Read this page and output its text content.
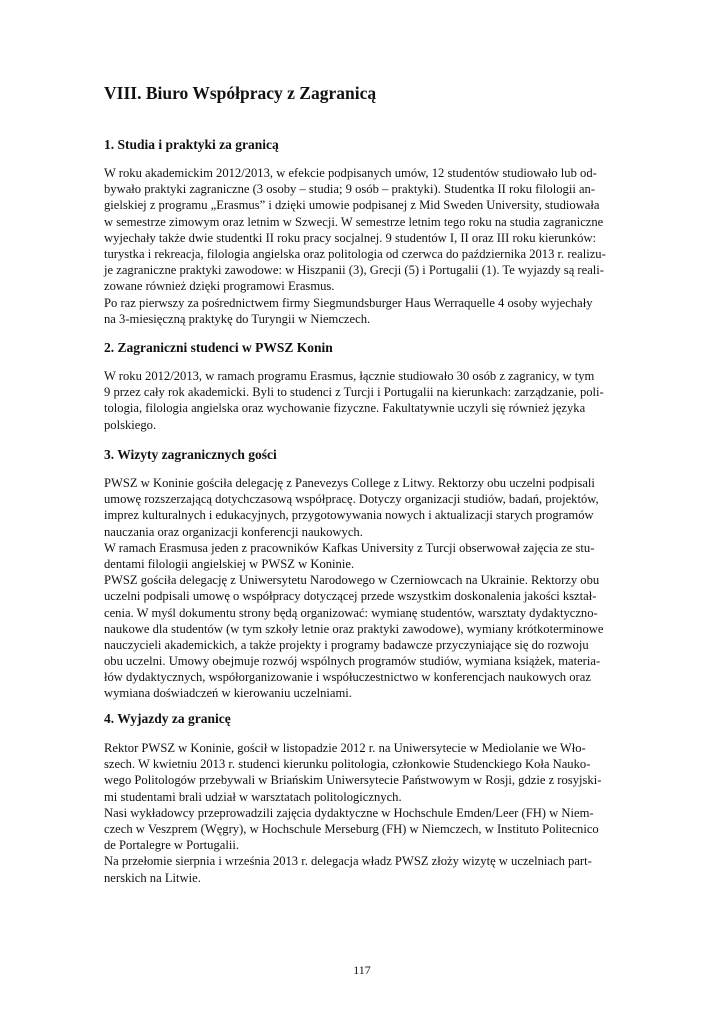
VIII. Biuro Współpracy z Zagranicą
1. Studia i praktyki za granicą
W roku akademickim 2012/2013, w efekcie podpisanych umów, 12 studentów studiowało lub od-
bywało praktyki zagraniczne (3 osoby – studia; 9 osób – praktyki). Studentka II roku filologii an-
gielskiej z programu „Erasmus” i dzięki umowie podpisanej z Mid Sweden University, studiowała
w semestrze zimowym oraz letnim w Szwecji. W semestrze letnim tego roku na studia zagraniczne
wyjechały także dwie studentki II roku pracy socjalnej. 9 studentów I, II oraz III roku kierunków:
turystka i rekreacja, filologia angielska oraz politologia od czerwca do października 2013 r. realizu-
je zagraniczne praktyki zawodowe: w Hiszpanii (3), Grecji (5) i Portugalii (1). Te wyjazdy są reali-
zowane również dzięki programowi Erasmus.
Po raz pierwszy za pośrednictwem firmy Siegmundsburger Haus Werraquelle 4 osoby wyjechały
na 3-miesięczną praktykę do Turyngii w Niemczech.
2. Zagraniczni studenci w PWSZ Konin
W roku 2012/2013, w ramach programu Erasmus, łącznie studiowało 30 osób z zagranicy, w tym
9 przez cały rok akademicki. Byli to studenci z Turcji i Portugalii na kierunkach: zarządzanie, poli-
tologia, filologia angielska oraz wychowanie fizyczne. Fakultatywnie uczyli się również języka
polskiego.
3. Wizyty zagranicznych gości
PWSZ w Koninie gościła delegację z Panevezys College z Litwy. Rektorzy obu uczelni podpisali
umowę rozszerzającą dotychczasową współpracę. Dotyczy organizacji studiów, badań, projektów,
imprez kulturalnych i edukacyjnych, przygotowywania nowych i aktualizacji starych programów
nauczania oraz organizacji konferencji naukowych.
W ramach Erasmusa jeden z pracowników Kafkas University z Turcji obserwował zajęcia ze stu-
dentami filologii angielskiej w PWSZ w Koninie.
PWSZ gościła delegację z Uniwersytetu Narodowego w Czerniowcach na Ukrainie. Rektorzy obu
uczelni podpisali umowę o współpracy dotyczącej przede wszystkim doskonalenia jakości kształ-
cenia. W myśl dokumentu strony będą organizować: wymianę studentów, warsztaty dydaktyczno-
naukowe dla studentów (w tym szkoły letnie oraz praktyki zawodowe), wymiany krótkoterminowe
nauczycieli akademickich, a także projekty i programy badawcze przyczyniające się do rozwoju
obu uczelni. Umowy obejmuje rozwój wspólnych programów studiów, wymiana książek, materia-
łów dydaktycznych, współorganizowanie i współuczestnictwo w konferencjach naukowych oraz
wymiana doświadczeń w kierowaniu uczelniami.
4. Wyjazdy za granicę
Rektor PWSZ w Koninie, gościł w listopadzie 2012 r. na Uniwersytecie w Mediolanie we Wło-
szech. W kwietniu 2013 r. studenci kierunku politologia, członkowie Studenckiego Koła Nauko-
wego Politologów przebywali w Briańskim Uniwersytecie Państwowym w Rosji, gdzie z rosyjski-
mi studentami brali udział w warsztatach politologicznych.
Nasi wykładowcy przeprowadzili zajęcia dydaktyczne w Hochschule Emden/Leer (FH) w Niem-
czech w Veszprem (Węgry), w Hochschule Merseburg (FH) w Niemczech, w Instituto Politecnico
de Portalegre w Portugalii.
Na przełomie sierpnia i września 2013 r. delegacja władz PWSZ złoży wizytę w uczelniach part-
nerskich na Litwie.
117
